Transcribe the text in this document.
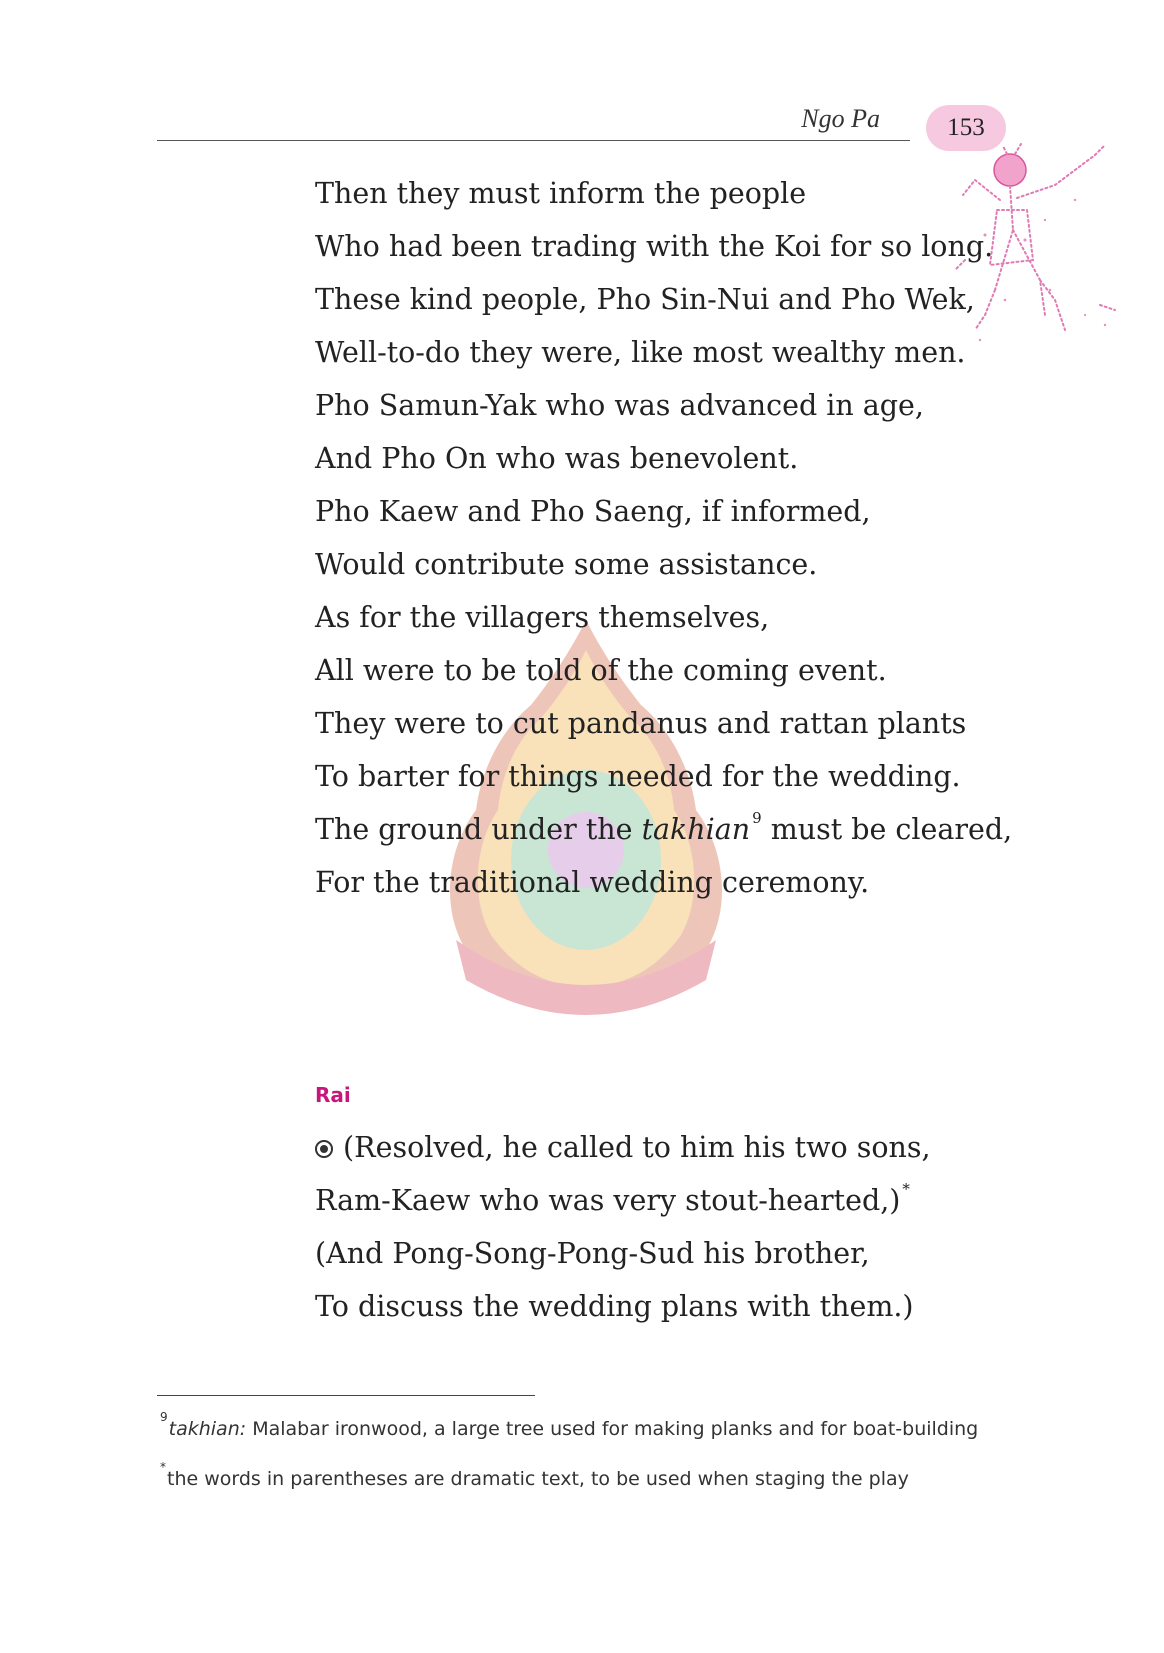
Ngo Pa	153

Then they must inform the people

Who had been trading with the Koi for so long.

These kind people, Pho Sin-Nui and Pho Wek,

Well-to-do they were, like most wealthy men.

Pho Samun-Yak who was advanced in age,

And Pho On who was benevolent.

Pho Kaew and Pho Saeng, if informed,

Would contribute some assistance.

As for the villagers themselves,

All were to be told of the coming event.

They were to cut pandanus and rattan plants

To barter for things needed for the wedding.

The ground under the takhian $^9$ must be cleared,

For the traditional wedding ceremony.

Rai

(Resolved, he called to him his two sons,

Ram-Kaew who was very stout-hearted,) *

(And Pong-Song-Pong-Sud his brother,

To discuss the wedding plans with them.)

$^9$takhian: Malabar ironwood, a large tree used for making planks and for boat-building
*the words in parentheses are dramatic text, to be used when staging the play
